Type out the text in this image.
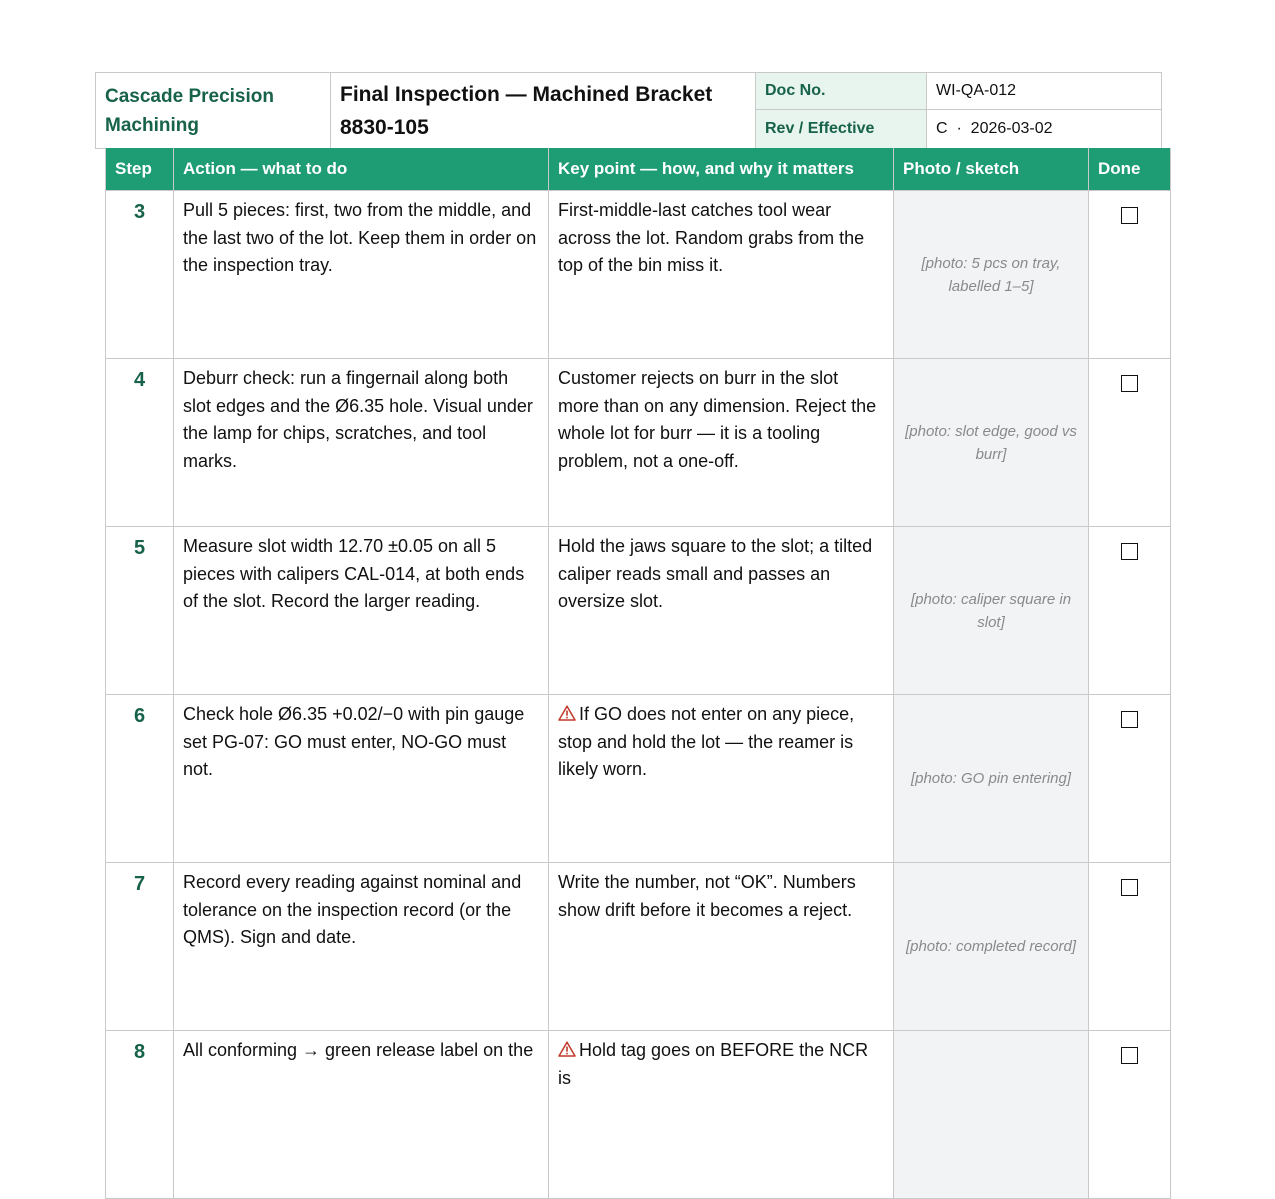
Cascade Precision Machining	Final Inspection — Machined Bracket 8830-105	Doc No.	WI-QA-012
		Rev / Effective	C  ·  2026-03-02
Step	Action — what to do	Key point — how, and why it matters	Photo / sketch	Done
3	Pull 5 pieces: first, two from the middle, and the last two of the lot. Keep them in order on the inspection tray.	First-middle-last catches tool wear across the lot. Random grabs from the top of the bin miss it.	[photo: 5 pcs on tray, labelled 1–5]	
4	Deburr check: run a fingernail along both slot edges and the Ø6.35 hole. Visual under the lamp for chips, scratches, and tool marks.	Customer rejects on burr in the slot more than on any dimension. Reject the whole lot for burr — it is a tooling problem, not a one-off.	[photo: slot edge, good vs burr]	
5	Measure slot width 12.70 ±0.05 on all 5 pieces with calipers CAL-014, at both ends of the slot. Record the larger reading.	Hold the jaws square to the slot; a tilted caliper reads small and passes an oversize slot.	[photo: caliper square in slot]	
6	Check hole Ø6.35 +0.02/−0 with pin gauge set PG-07: GO must enter, NO-GO must not.	If GO does not enter on any piece, stop and hold the lot — the reamer is likely worn.	[photo: GO pin entering]	
7	Record every reading against nominal and tolerance on the inspection record (or the QMS). Sign and date.	Write the number, not “OK”. Numbers show drift before it becomes a reject.	[photo: completed record]	
8	All conforming → green release label on the	Hold tag goes on BEFORE the NCR is		
